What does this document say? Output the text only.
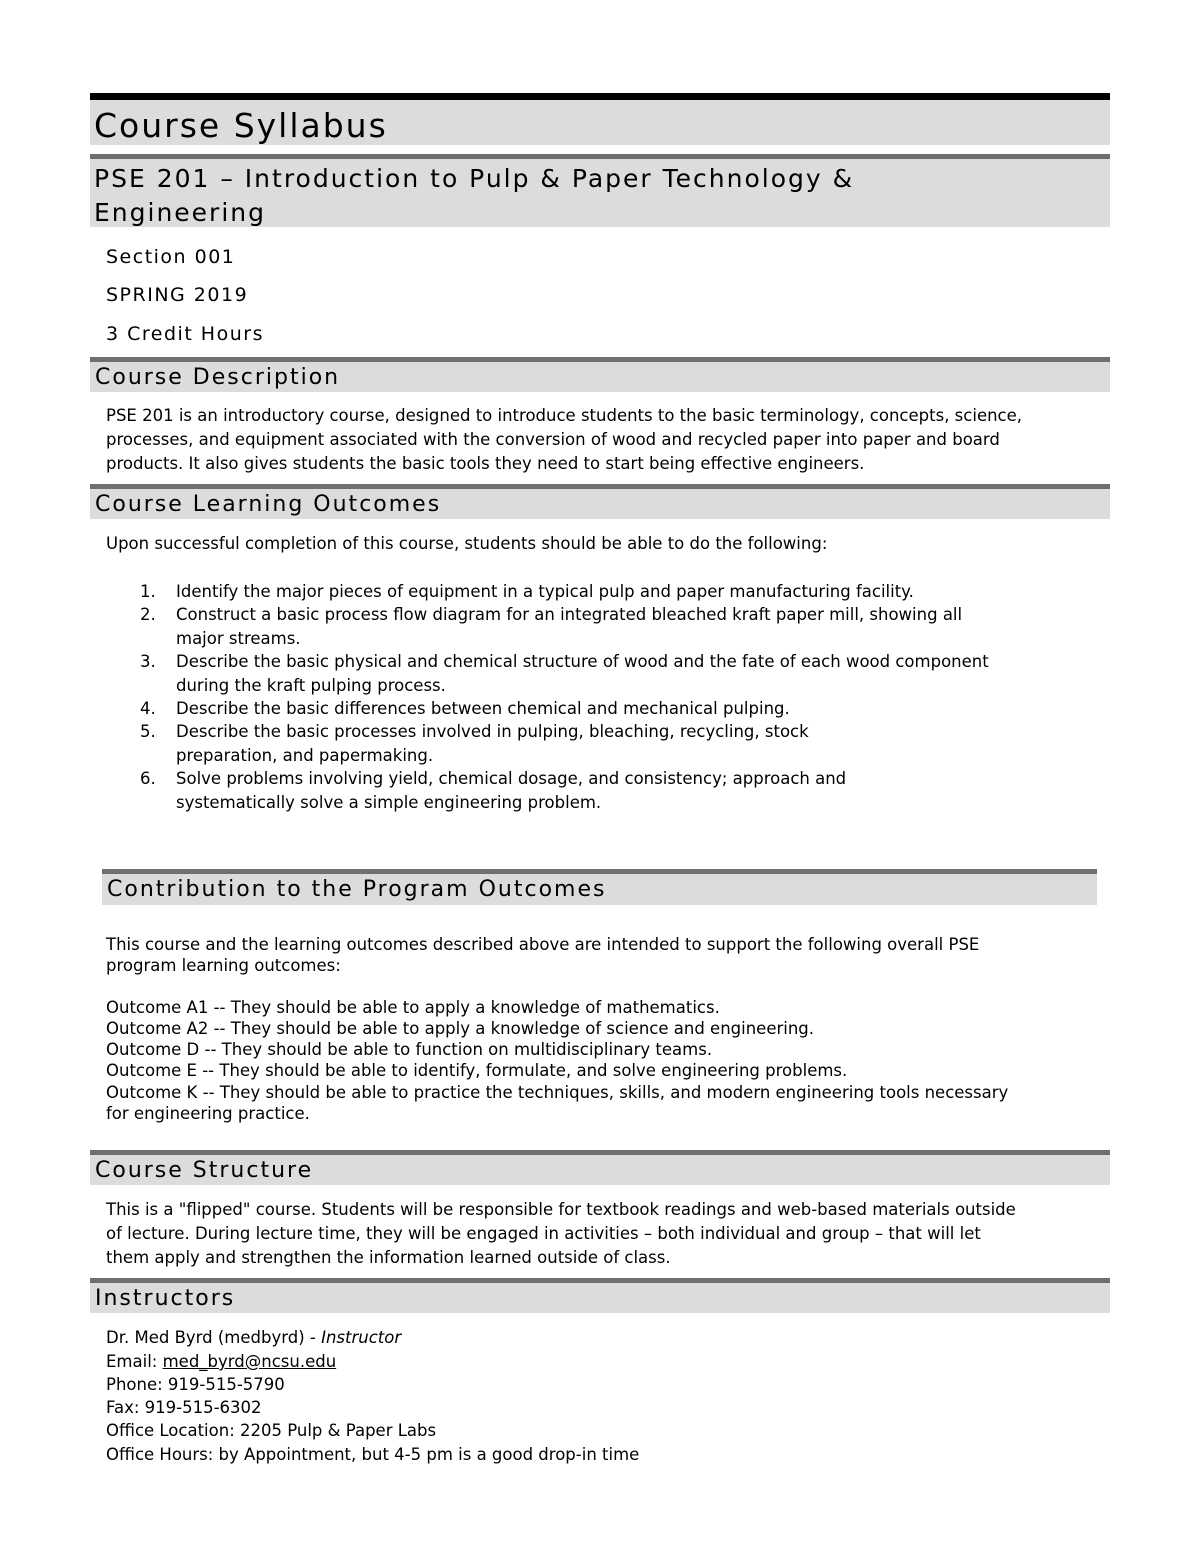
Course Syllabus
PSE 201 – Introduction to Pulp & Paper Technology &
Engineering
Section 001
SPRING 2019
3 Credit Hours
Course Description
PSE 201 is an introductory course, designed to introduce students to the basic terminology, concepts, science,
processes, and equipment associated with the conversion of wood and recycled paper into paper and board
products. It also gives students the basic tools they need to start being effective engineers.
Course Learning Outcomes
Upon successful completion of this course, students should be able to do the following:
1. Identify the major pieces of equipment in a typical pulp and paper manufacturing facility.
2. Construct a basic process flow diagram for an integrated bleached kraft paper mill, showing all
major streams.
3. Describe the basic physical and chemical structure of wood and the fate of each wood component
during the kraft pulping process.
4. Describe the basic differences between chemical and mechanical pulping.
5. Describe the basic processes involved in pulping, bleaching, recycling, stock
preparation, and papermaking.
6. Solve problems involving yield, chemical dosage, and consistency; approach and
systematically solve a simple engineering problem.
Contribution to the Program Outcomes
This course and the learning outcomes described above are intended to support the following overall PSE
program learning outcomes:
Outcome A1 -- They should be able to apply a knowledge of mathematics.
Outcome A2 -- They should be able to apply a knowledge of science and engineering.
Outcome D -- They should be able to function on multidisciplinary teams.
Outcome E -- They should be able to identify, formulate, and solve engineering problems.
Outcome K -- They should be able to practice the techniques, skills, and modern engineering tools necessary
for engineering practice.
Course Structure
This is a "flipped" course. Students will be responsible for textbook readings and web-based materials outside
of lecture. During lecture time, they will be engaged in activities – both individual and group – that will let
them apply and strengthen the information learned outside of class.
Instructors
Dr. Med Byrd (medbyrd) - Instructor
Email: med_byrd@ncsu.edu
Phone: 919-515-5790
Fax: 919-515-6302
Office Location: 2205 Pulp & Paper Labs
Office Hours: by Appointment, but 4-5 pm is a good drop-in time
